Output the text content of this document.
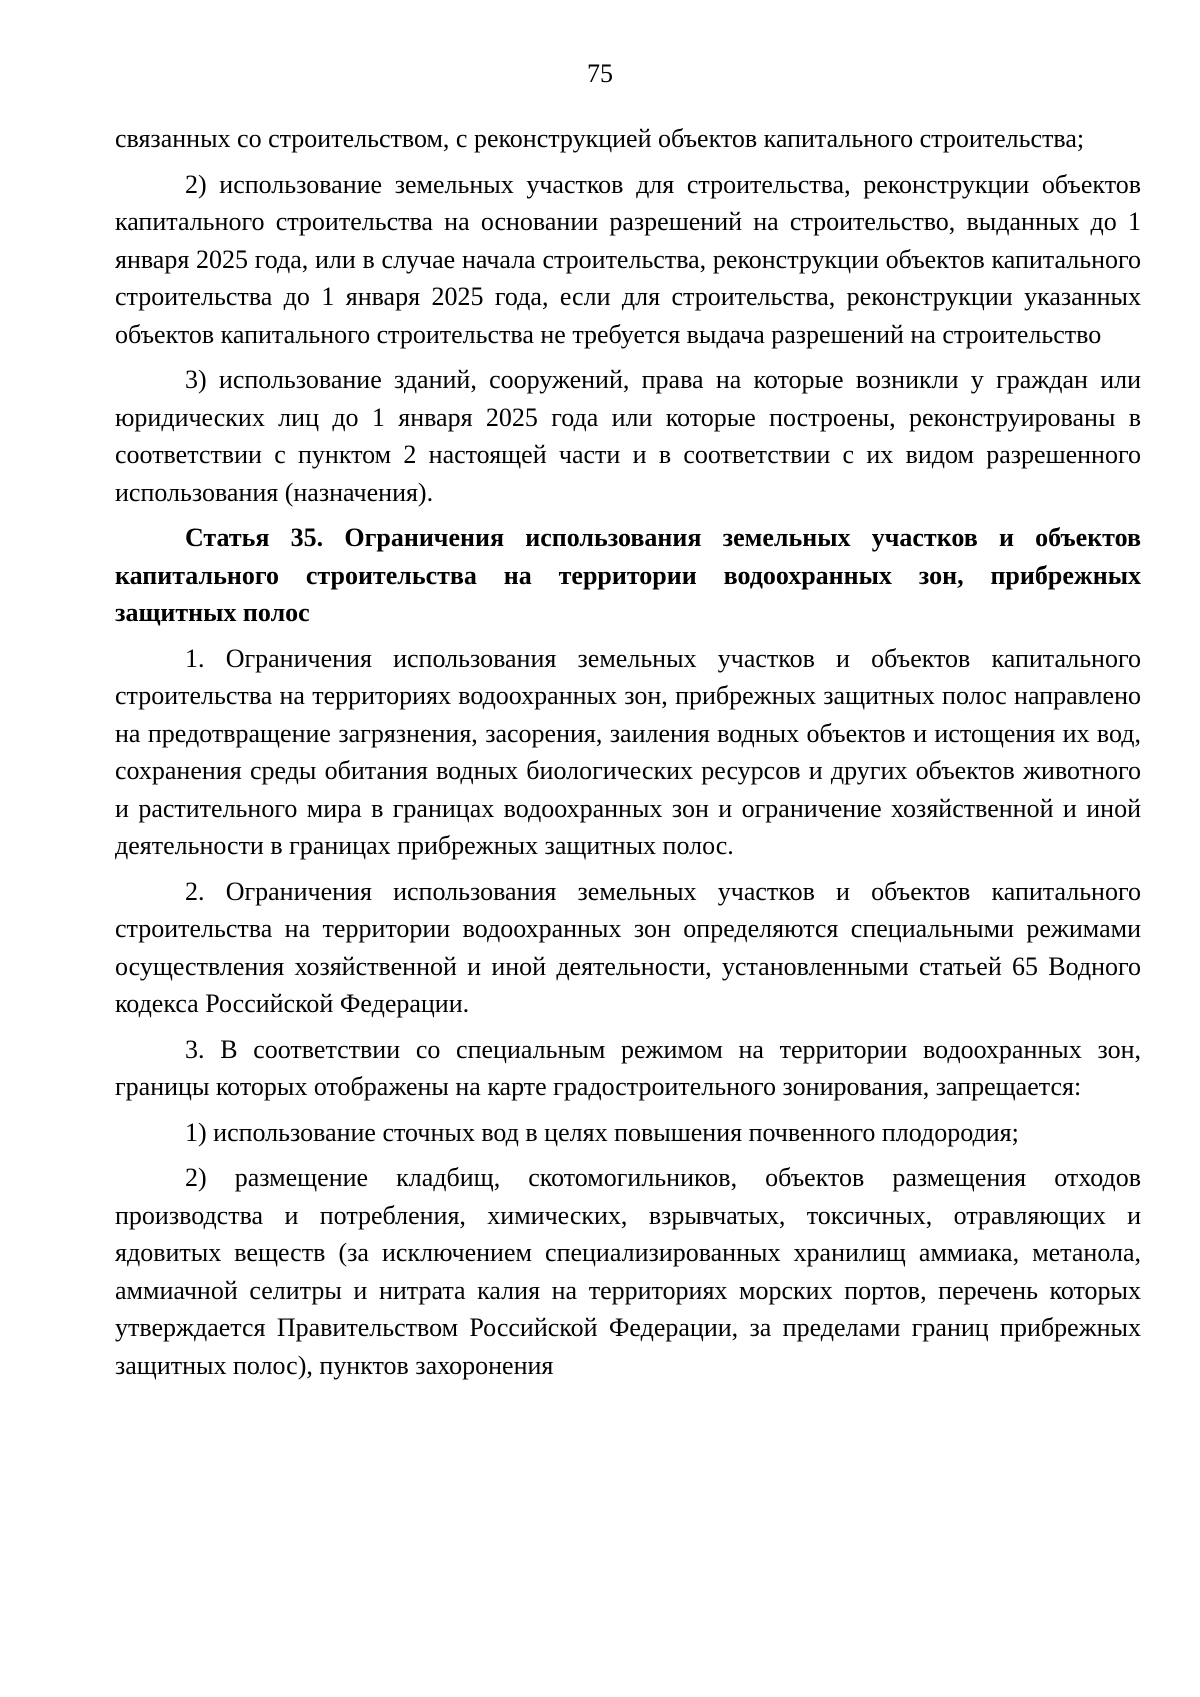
75

связанных со строительством, с реконструкцией объектов капитального строительства;

2) использование земельных участков для строительства, реконструкции объектов капитального строительства на основании разрешений на строительство, выданных до 1 января 2025 года, или в случае начала строительства, реконструкции объектов капитального строительства до 1 января 2025 года, если для строительства, реконструкции указанных объектов капитального строительства не требуется выдача разрешений на строительство

3) использование зданий, сооружений, права на которые возникли у граждан или юридических лиц до 1 января 2025 года или которые построены, реконструированы в соответствии с пунктом 2 настоящей части и в соответствии с их видом разрешенного использования (назначения).

Статья 35. Ограничения использования земельных участков и объектов капитального строительства на территории водоохранных зон, прибрежных защитных полос

1. Ограничения использования земельных участков и объектов капитального строительства на территориях водоохранных зон, прибрежных защитных полос направлено на предотвращение загрязнения, засорения, заиления водных объектов и истощения их вод, сохранения среды обитания водных биологических ресурсов и других объектов животного и растительного мира в границах водоохранных зон и ограничение хозяйственной и иной деятельности в границах прибрежных защитных полос.

2. Ограничения использования земельных участков и объектов капитального строительства на территории водоохранных зон определяются специальными режимами осуществления хозяйственной и иной деятельности, установленными статьей 65 Водного кодекса Российской Федерации.

3. В соответствии со специальным режимом на территории водоохранных зон, границы которых отображены на карте градостроительного зонирования, запрещается:

1) использование сточных вод в целях повышения почвенного плодородия;

2) размещение кладбищ, скотомогильников, объектов размещения отходов производства и потребления, химических, взрывчатых, токсичных, отравляющих и ядовитых веществ (за исключением специализированных хранилищ аммиака, метанола, аммиачной селитры и нитрата калия на территориях морских портов, перечень которых утверждается Правительством Российской Федерации, за пределами границ прибрежных защитных полос), пунктов захоронения
